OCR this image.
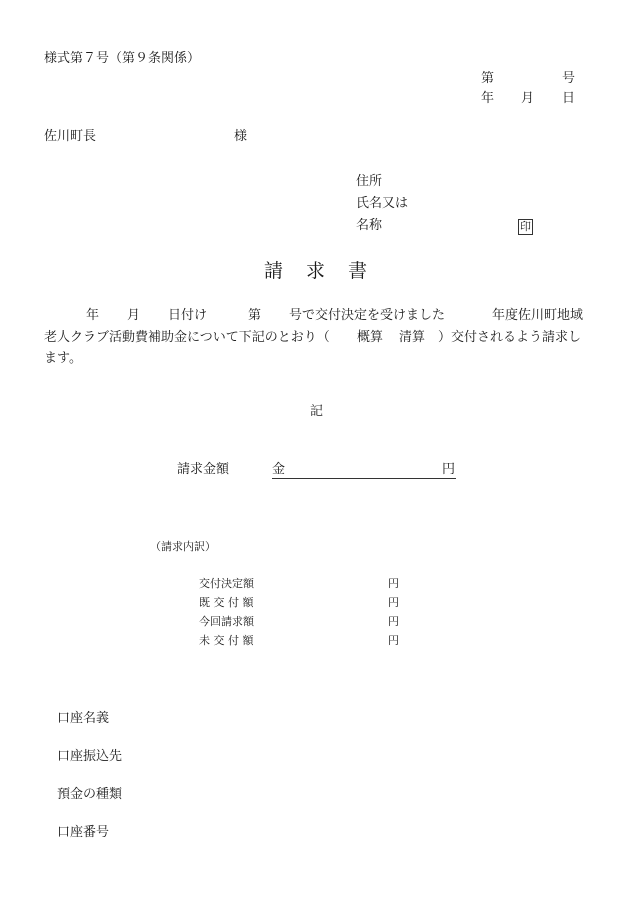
様式第７号（第９条関係）
第	号
年 月 日
佐川町長	様
住所
氏名又は
名称	印
請　求　書
年 月 日付け	第 号で交付決定を受けました	年度佐川町地域
老人クラブ活動費補助金について下記のとおり（ 概算 清算 ）交付されるよう請求し
ます。
記
請求金額	金	円
（請求内訳）
交付決定額	円
既 交 付 額	円
今回請求額	円
未 交 付 額	円
口座名義
口座振込先
預金の種類
口座番号
